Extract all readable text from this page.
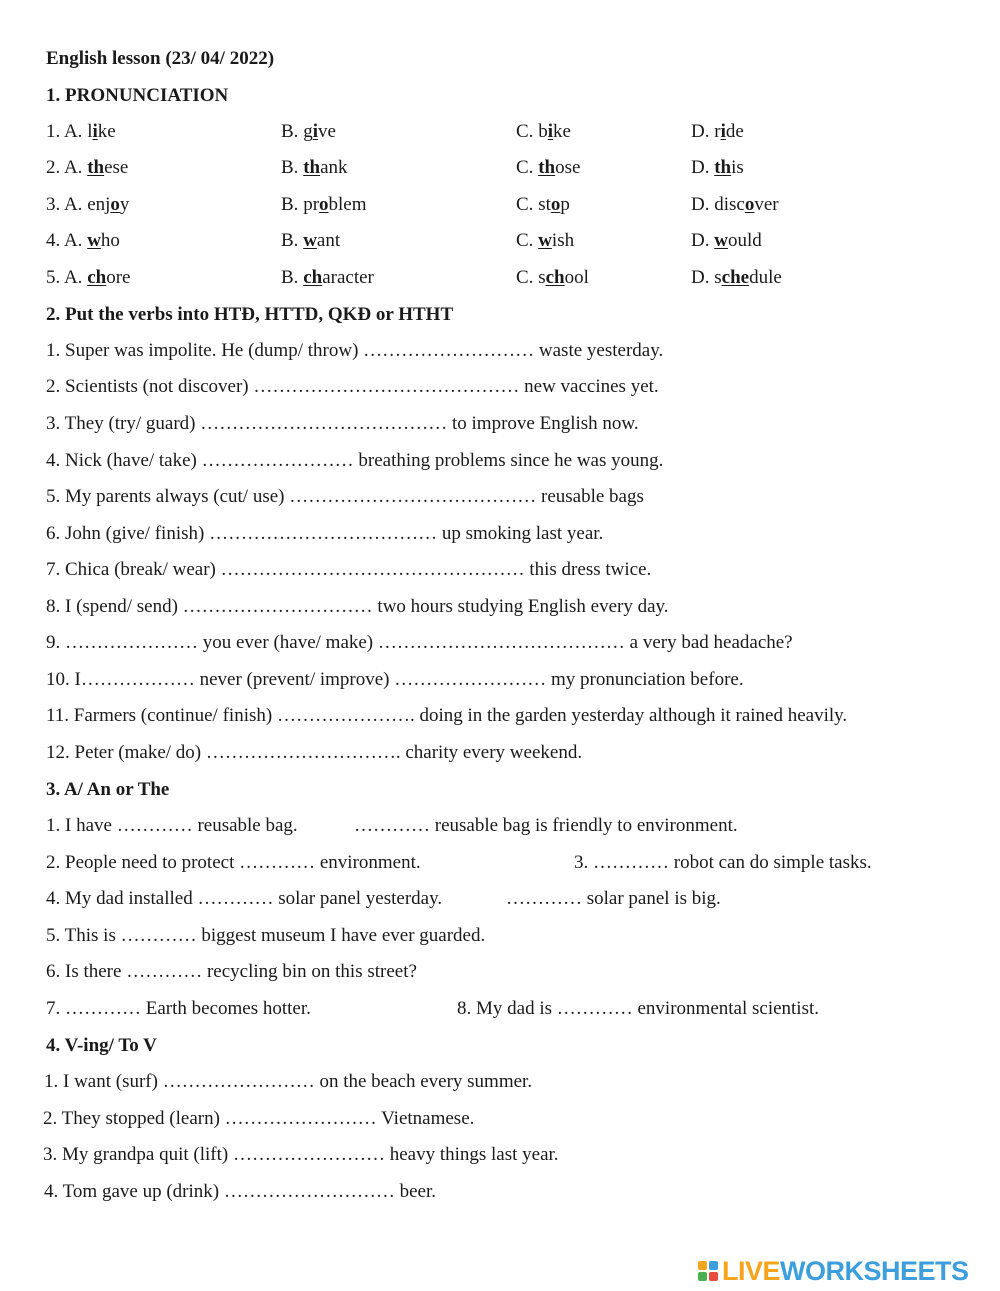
English lesson (23/ 04/ 2022)
1. PRONUNCIATION
1. A. like	B. give	C. bike	D. ride
2. A. these	B. thank	C. those	D. this
3. A. enjoy	B. problem	C. stop	D. discover
4. A. who	B. want	C. wish	D. would
5. A. chore	B. character	C. school	D. schedule
2. Put the verbs into HTĐ, HTTD, QKĐ or HTHT
1. Super was impolite. He (dump/ throw) ……………………… waste yesterday.
2. Scientists (not discover) …………………………………… new vaccines yet.
3. They (try/ guard) ………………………………… to improve English now.
4. Nick (have/ take) …………………… breathing problems since he was young.
5. My parents always (cut/ use) ………………………………… reusable bags
6. John (give/ finish) ……………………………… up smoking last year.
7. Chica (break/ wear) ………………………………………… this dress twice.
8. I (spend/ send) ………………………… two hours studying English every day.
9. ………………… you ever (have/ make) ………………………………… a very bad headache?
10. I……………… never (prevent/ improve) …………………… my pronunciation before.
11. Farmers (continue/ finish) …………………. doing in the garden yesterday although it rained heavily.
12. Peter (make/ do) …………………………. charity every weekend.
3. A/ An or The
1. I have ………… reusable bag.	………… reusable bag is friendly to environment.
2. People need to protect ………… environment.	3. ………… robot can do simple tasks.
4. My dad installed ………… solar panel yesterday.	………… solar panel is big.
5. This is ………… biggest museum I have ever guarded.
6. Is there ………… recycling bin on this street?
7. ………… Earth becomes hotter.	8. My dad is ………… environmental scientist.
4. V-ing/ To V
1. I want (surf) …………………… on the beach every summer.
2. They stopped (learn) …………………… Vietnamese.
3. My grandpa quit (lift) …………………… heavy things last year.
4. Tom gave up (drink) ……………………… beer.
LIVE WORKSHEETS
